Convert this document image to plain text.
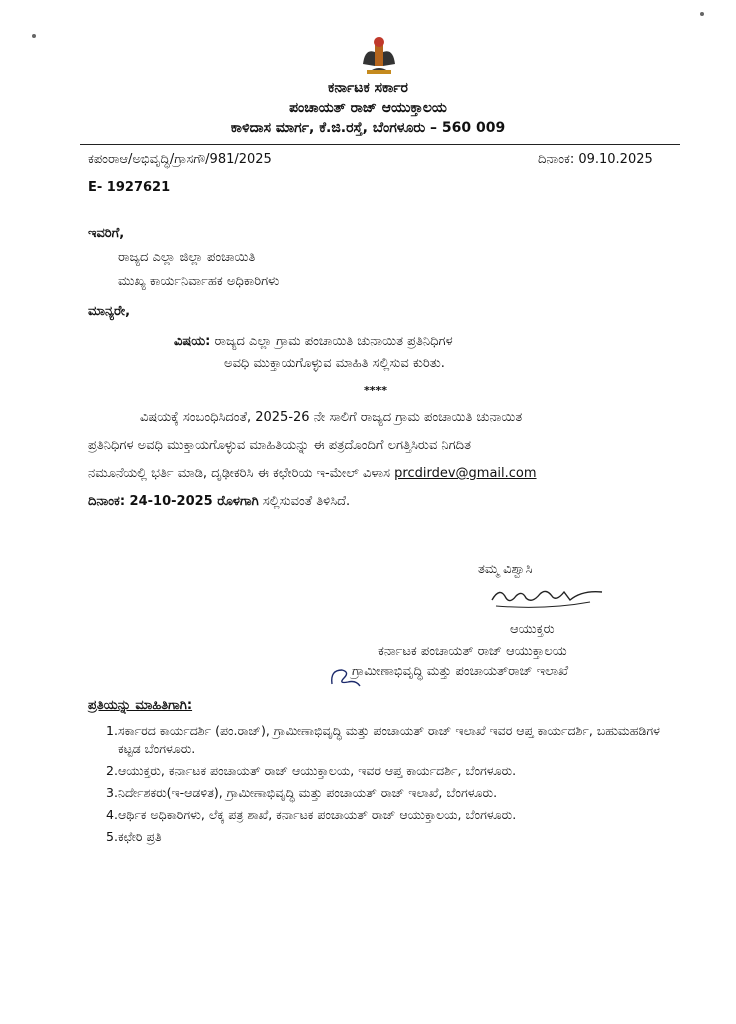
ಕರ್ನಾಟಕ ಸರ್ಕಾರ
ಪಂಚಾಯತ್ ರಾಜ್ ಆಯುಕ್ತಾಲಯ
ಕಾಳಿದಾಸ ಮಾರ್ಗ, ಕೆ.ಜಿ.ರಸ್ತೆ, ಬೆಂಗಳೂರು – 560 009
ಕಪಂರಾಆ/ಅಭಿವೃದ್ಧಿ/ಗ್ರಾಸಗೌ/981/2025	ದಿನಾಂಕ: 09.10.2025
E- 1927621
ಇವರಿಗೆ,
ರಾಜ್ಯದ ಎಲ್ಲಾ ಜಿಲ್ಲಾ ಪಂಚಾಯಿತಿ
ಮುಖ್ಯ ಕಾರ್ಯನಿರ್ವಾಹಕ ಅಧಿಕಾರಿಗಳು
ಮಾನ್ಯರೇ,
ವಿಷಯ: ರಾಜ್ಯದ ಎಲ್ಲಾ ಗ್ರಾಮ ಪಂಚಾಯಿತಿ ಚುನಾಯಿತ ಪ್ರತಿನಿಧಿಗಳ
ಅವಧಿ ಮುಕ್ತಾಯಗೊಳ್ಳುವ ಮಾಹಿತಿ ಸಲ್ಲಿಸುವ ಕುರಿತು.
****
ವಿಷಯಕ್ಕೆ ಸಂಬಂಧಿಸಿದಂತೆ, 2025-26 ನೇ ಸಾಲಿಗೆ ರಾಜ್ಯದ ಗ್ರಾಮ ಪಂಚಾಯಿತಿ ಚುನಾಯಿತ
ಪ್ರತಿನಿಧಿಗಳ ಅವಧಿ ಮುಕ್ತಾಯಗೊಳ್ಳುವ ಮಾಹಿತಿಯನ್ನು ಈ ಪತ್ರದೊಂದಿಗೆ ಲಗತ್ತಿಸಿರುವ ನಿಗದಿತ
ನಮೂನೆಯಲ್ಲಿ ಭರ್ತಿ ಮಾಡಿ, ದೃಢೀಕರಿಸಿ ಈ ಕಛೇರಿಯ ಇ-ಮೇಲ್ ವಿಳಾಸ prcdirdev@gmail.com
ದಿನಾಂಕ: 24-10-2025 ರೊಳಗಾಗಿ ಸಲ್ಲಿಸುವಂತೆ ತಿಳಿಸಿದೆ.
ತಮ್ಮ ವಿಶ್ವಾಸಿ
ಆಯುಕ್ತರು
ಕರ್ನಾಟಕ ಪಂಚಾಯತ್ ರಾಜ್ ಆಯುಕ್ತಾಲಯ
ಗ್ರಾಮೀಣಾಭಿವೃದ್ಧಿ ಮತ್ತು ಪಂಚಾಯತ್‌ರಾಜ್ ಇಲಾಖೆ
ಪ್ರತಿಯನ್ನು ಮಾಹಿತಿಗಾಗಿ:
1. ಸರ್ಕಾರದ ಕಾರ್ಯದರ್ಶಿ (ಪಂ.ರಾಜ್), ಗ್ರಾಮೀಣಾಭಿವೃದ್ಧಿ ಮತ್ತು ಪಂಚಾಯತ್ ರಾಜ್ ಇಲಾಖೆ ಇವರ ಆಪ್ತ ಕಾರ್ಯದರ್ಶಿ, ಬಹುಮಹಡಿಗಳ ಕಟ್ಟಡ ಬೆಂಗಳೂರು.
2. ಆಯುಕ್ತರು, ಕರ್ನಾಟಕ ಪಂಚಾಯತ್ ರಾಜ್ ಆಯುಕ್ತಾಲಯ, ಇವರ ಆಪ್ತ ಕಾರ್ಯದರ್ಶಿ, ಬೆಂಗಳೂರು.
3. ನಿರ್ದೇಶಕರು(ಇ-ಆಡಳಿತ), ಗ್ರಾಮೀಣಾಭಿವೃದ್ಧಿ ಮತ್ತು ಪಂಚಾಯತ್ ರಾಜ್ ಇಲಾಖೆ, ಬೆಂಗಳೂರು.
4. ಆರ್ಥಿಕ ಅಧಿಕಾರಿಗಳು, ಲೆಕ್ಕ ಪತ್ರ ಶಾಖೆ, ಕರ್ನಾಟಕ ಪಂಚಾಯತ್ ರಾಜ್ ಆಯುಕ್ತಾಲಯ, ಬೆಂಗಳೂರು.
5. ಕಛೇರಿ ಪ್ರತಿ
